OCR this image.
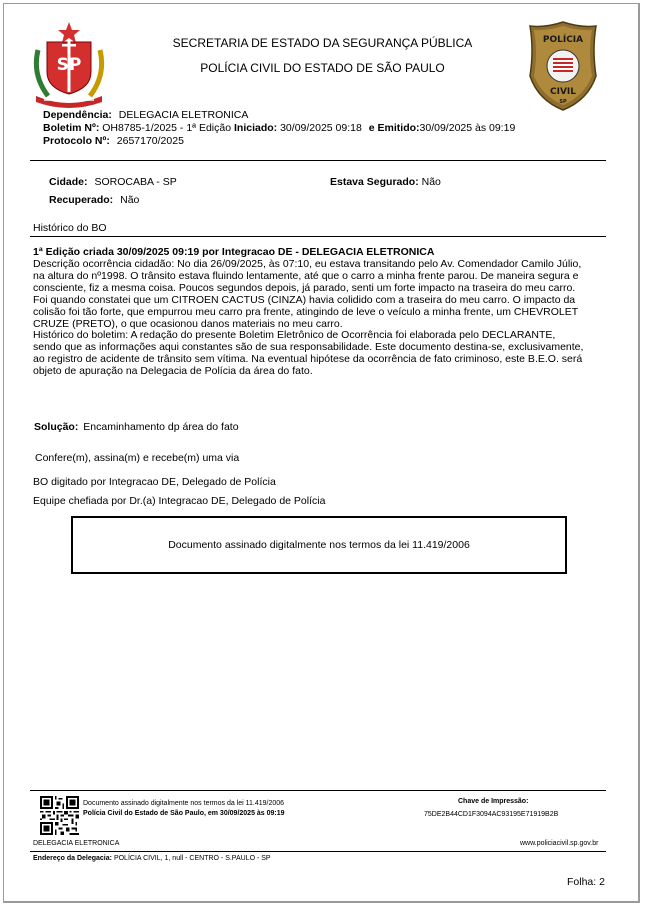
SP
SECRETARIA DE ESTADO DA SEGURANÇA PÚBLICA
POLÍCIA CIVIL DO ESTADO DE SÃO PAULO
POLÍCIA
CIVIL
SP
Dependência: DELEGACIA ELETRONICA
Boletim Nº: OH8785-1/2025 - 1ª Edição Iniciado: 30/09/2025 09:18 e Emitido:30/09/2025 às 09:19
Protocolo Nº: 2657170/2025
Cidade: SOROCABA - SP	Estava Segurado: Não
Recuperado: Não
Histórico do BO
1ª Edição criada 30/09/2025 09:19 por Integracao DE - DELEGACIA ELETRONICA
Descrição ocorrência cidadão: No dia 26/09/2025, às 07:10, eu estava transitando pelo Av. Comendador Camilo Júlio,
na altura do nº1998. O trânsito estava fluindo lentamente, até que o carro a minha frente parou. De maneira segura e
consciente, fiz a mesma coisa. Poucos segundos depois, já parado, senti um forte impacto na traseira do meu carro.
Foi quando constatei que um CITROEN CACTUS (CINZA) havia colidido com a traseira do meu carro. O impacto da
colisão foi tão forte, que empurrou meu carro pra frente, atingindo de leve o veículo a minha frente, um CHEVROLET
CRUZE (PRETO), o que ocasionou danos materiais no meu carro.
Histórico do boletim: A redação do presente Boletim Eletrônico de Ocorrência foi elaborada pelo DECLARANTE,
sendo que as informações aqui constantes são de sua responsabilidade. Este documento destina-se, exclusivamente,
ao registro de acidente de trânsito sem vítima. Na eventual hipótese da ocorrência de fato criminoso, este B.E.O. será
objeto de apuração na Delegacia de Polícia da área do fato.
Solução: Encaminhamento dp área do fato
Confere(m), assina(m) e recebe(m) uma via
BO digitado por Integracao DE, Delegado de Polícia
Equipe chefiada por Dr.(a) Integracao DE, Delegado de Polícia
Documento assinado digitalmente nos termos da lei 11.419/2006
Documento assinado digitalmente nos termos da lei 11.419/2006
Polícia Civil do Estado de São Paulo, em 30/09/2025 às 09:19
Chave de Impressão:
75DE2B44CD1F3094AC93195E71919B2B
DELEGACIA ELETRONICA	www.policiacivil.sp.gov.br
Endereço da Delegacia: POLÍCIA CIVIL, 1, null - CENTRO - S.PAULO - SP
Folha: 2
